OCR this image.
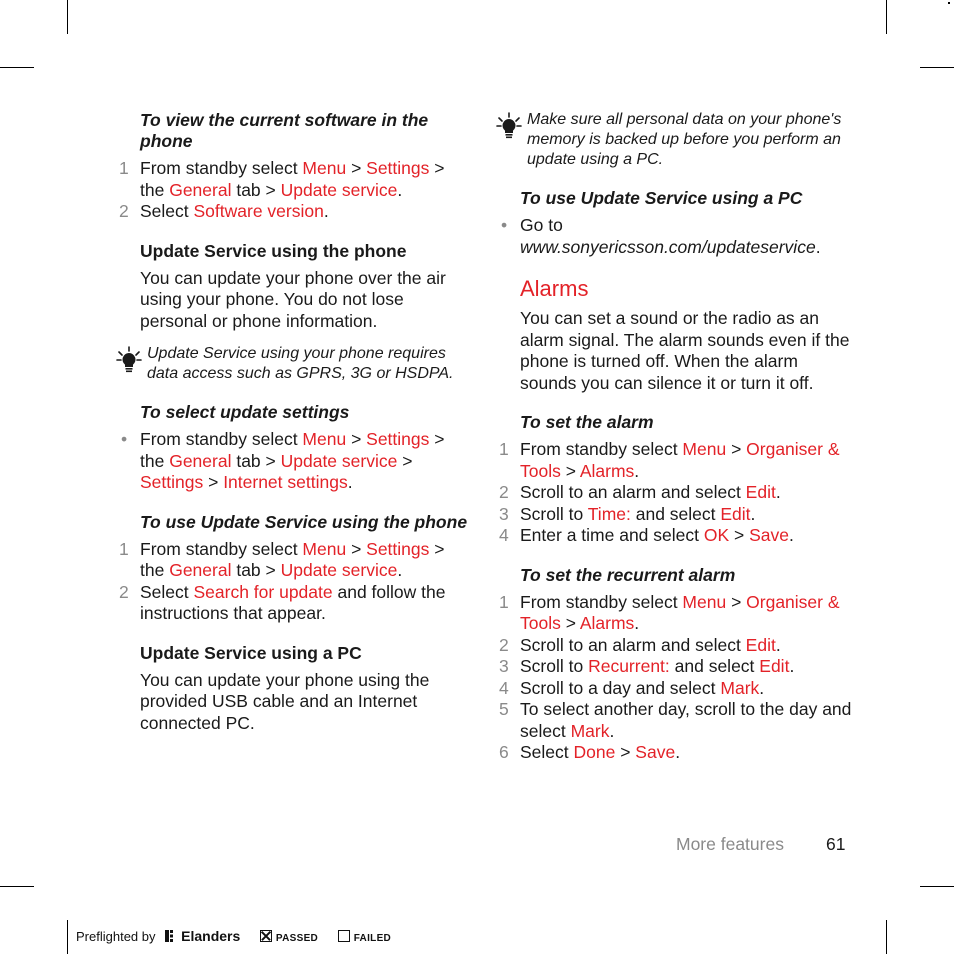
To view the current software in the phone
1 From standby select Menu > Settings > the General tab > Update service.
2 Select Software version.
Update Service using the phone
You can update your phone over the air using your phone. You do not lose personal or phone information.
Update Service using your phone requires data access such as GPRS, 3G or HSDPA.
To select update settings
• From standby select Menu > Settings > the General tab > Update service > Settings > Internet settings.
To use Update Service using the phone
1 From standby select Menu > Settings > the General tab > Update service.
2 Select Search for update and follow the instructions that appear.
Update Service using a PC
You can update your phone using the provided USB cable and an Internet connected PC.
Make sure all personal data on your phone's memory is backed up before you perform an update using a PC.
To use Update Service using a PC
• Go to
www.sonyericsson.com/updateservice.
Alarms
You can set a sound or the radio as an alarm signal. The alarm sounds even if the phone is turned off. When the alarm sounds you can silence it or turn it off.
To set the alarm
1 From standby select Menu > Organiser & Tools > Alarms.
2 Scroll to an alarm and select Edit.
3 Scroll to Time: and select Edit.
4 Enter a time and select OK > Save.
To set the recurrent alarm
1 From standby select Menu > Organiser & Tools > Alarms.
2 Scroll to an alarm and select Edit.
3 Scroll to Recurrent: and select Edit.
4 Scroll to a day and select Mark.
5 To select another day, scroll to the day and select Mark.
6 Select Done > Save.
More features 61
Preflighted by Elanders	PASSED	FAILED
